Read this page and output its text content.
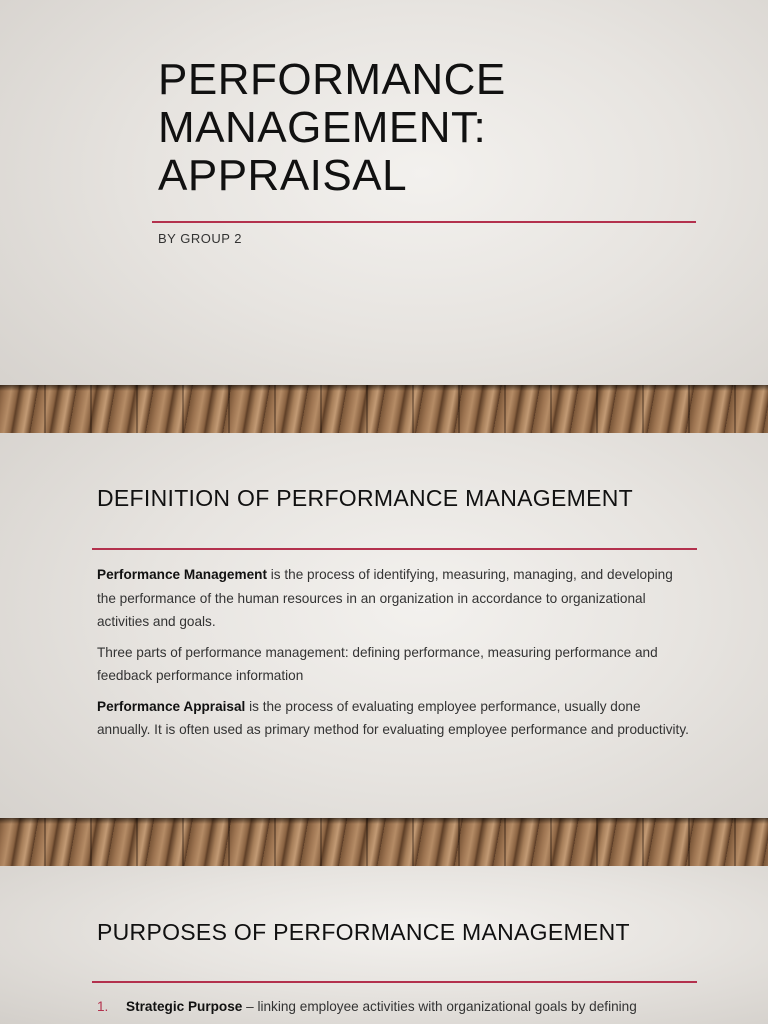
PERFORMANCE MANAGEMENT: APPRAISAL
BY GROUP 2
DEFINITION OF PERFORMANCE MANAGEMENT

Performance Management is the process of identifying, measuring, managing, and developing the performance of the human resources in an organization in accordance to organizational activities and goals.

Three parts of performance management: defining performance, measuring performance and feedback performance information

Performance Appraisal is the process of evaluating employee performance, usually done annually. It is often used as primary method for evaluating employee performance and productivity.

PURPOSES OF PERFORMANCE MANAGEMENT
1. Strategic Purpose – linking employee activities with organizational goals by defining
